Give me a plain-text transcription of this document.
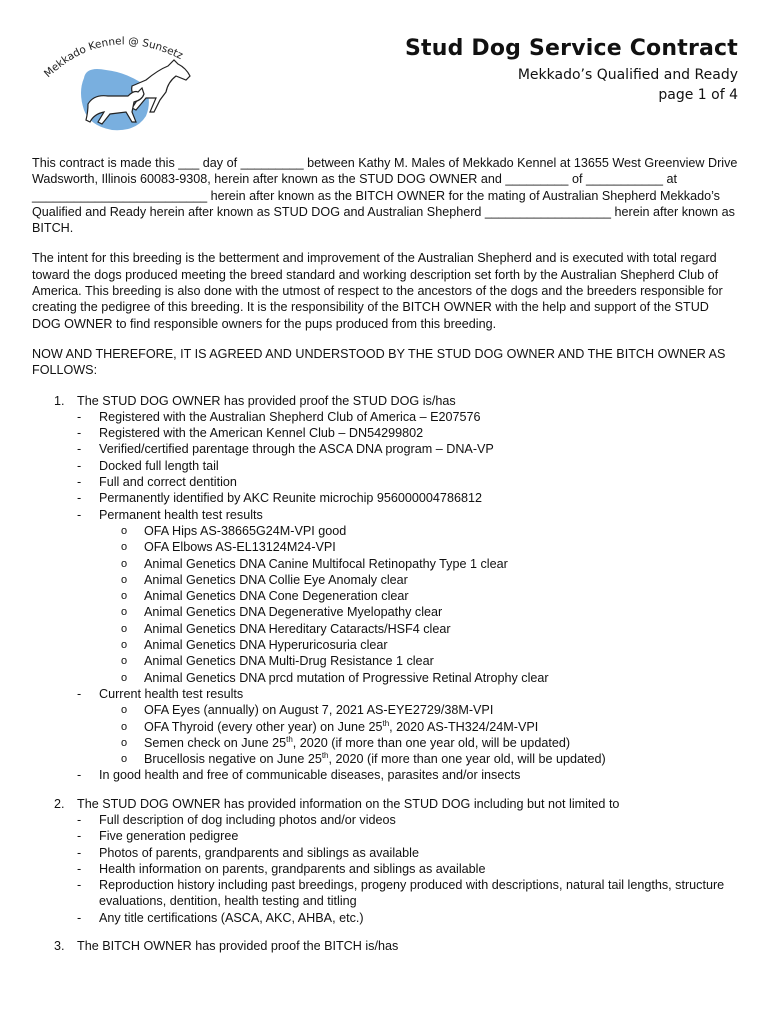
Mekkado Kennel @ Sunsetz	Stud Dog Service Contract
Mekkado’s Qualified and Ready
page 1 of 4

This contract is made this ___ day of _________ between Kathy M. Males of Mekkado Kennel at 13655 West Greenview Drive Wadsworth, Illinois 60083-9308, herein after known as the STUD DOG OWNER and _________ of ___________ at _________________________ herein after known as the BITCH OWNER for the mating of Australian Shepherd Mekkado’s Qualified and Ready herein after known as STUD DOG and Australian Shepherd __________________ herein after known as BITCH.

The intent for this breeding is the betterment and improvement of the Australian Shepherd and is executed with total regard toward the dogs produced meeting the breed standard and working description set forth by the Australian Shepherd Club of America. This breeding is also done with the utmost of respect to the ancestors of the dogs and the breeders responsible for creating the pedigree of this breeding. It is the responsibility of the BITCH OWNER with the help and support of the STUD DOG OWNER to find responsible owners for the pups produced from this breeding.

NOW AND THEREFORE, IT IS AGREED AND UNDERSTOOD BY THE STUD DOG OWNER AND THE BITCH OWNER AS FOLLOWS:

1. The STUD DOG OWNER has provided proof the STUD DOG is/has
- Registered with the Australian Shepherd Club of America – E207576
- Registered with the American Kennel Club – DN54299802
- Verified/certified parentage through the ASCA DNA program – DNA-VP
- Docked full length tail
- Full and correct dentition
- Permanently identified by AKC Reunite microchip 956000004786812
- Permanent health test results
o OFA Hips AS-38665G24M-VPI good
o OFA Elbows AS-EL13124M24-VPI
o Animal Genetics DNA Canine Multifocal Retinopathy Type 1 clear
o Animal Genetics DNA Collie Eye Anomaly clear
o Animal Genetics DNA Cone Degeneration clear
o Animal Genetics DNA Degenerative Myelopathy clear
o Animal Genetics DNA Hereditary Cataracts/HSF4 clear
o Animal Genetics DNA Hyperuricosuria clear
o Animal Genetics DNA Multi-Drug Resistance 1 clear
o Animal Genetics DNA prcd mutation of Progressive Retinal Atrophy clear
- Current health test results
o OFA Eyes (annually) on August 7, 2021 AS-EYE2729/38M-VPI
o OFA Thyroid (every other year) on June 25th, 2020 AS-TH324/24M-VPI
o Semen check on June 25th, 2020 (if more than one year old, will be updated)
o Brucellosis negative on June 25th, 2020 (if more than one year old, will be updated)
- In good health and free of communicable diseases, parasites and/or insects
2. The STUD DOG OWNER has provided information on the STUD DOG including but not limited to
- Full description of dog including photos and/or videos
- Five generation pedigree
- Photos of parents, grandparents and siblings as available
- Health information on parents, grandparents and siblings as available
- Reproduction history including past breedings, progeny produced with descriptions, natural tail lengths, structure evaluations, dentition, health testing and titling
- Any title certifications (ASCA, AKC, AHBA, etc.)
3. The BITCH OWNER has provided proof the BITCH is/has
